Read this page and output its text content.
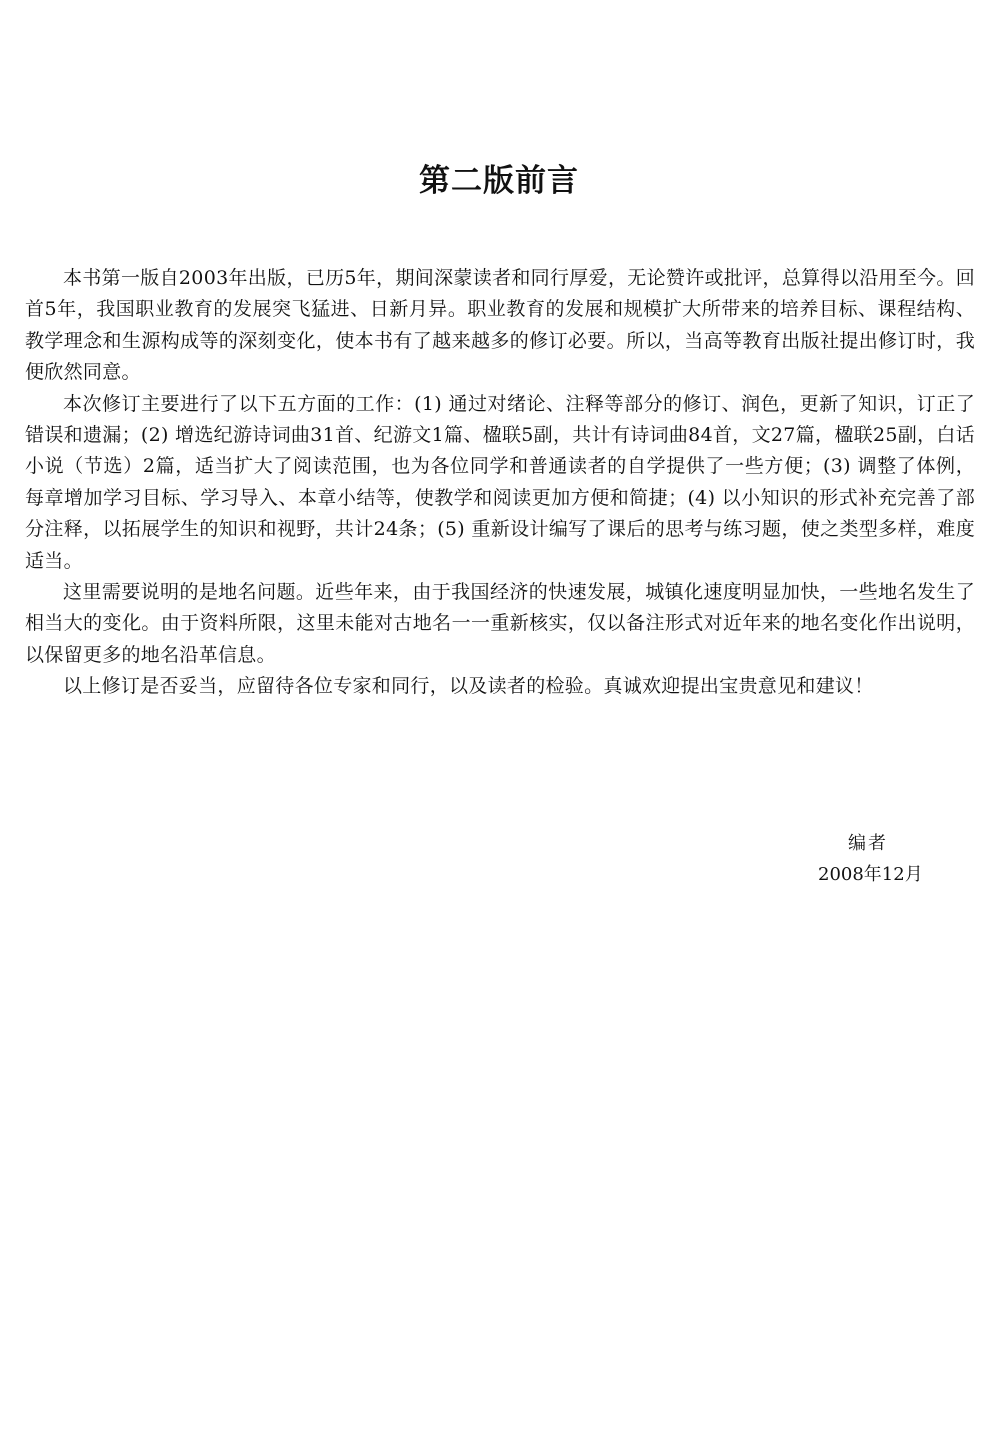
第二版前言

本书第一版自2003年出版，已历5年，期间深蒙读者和同行厚爱，无论赞许或批评，总算得以沿用至今。回首5年，我国职业教育的发展突飞猛进、日新月异。职业教育的发展和规模扩大所带来的培养目标、课程结构、教学理念和生源构成等的深刻变化，使本书有了越来越多的修订必要。所以，当高等教育出版社提出修订时，我便欣然同意。

本次修订主要进行了以下五方面的工作：(1) 通过对绪论、注释等部分的修订、润色，更新了知识，订正了错误和遗漏；(2) 增选纪游诗词曲31首、纪游文1篇、楹联5副，共计有诗词曲84首，文27篇，楹联25副，白话小说（节选）2篇，适当扩大了阅读范围，也为各位同学和普通读者的自学提供了一些方便；(3) 调整了体例，每章增加学习目标、学习导入、本章小结等，使教学和阅读更加方便和简捷；(4) 以小知识的形式补充完善了部分注释，以拓展学生的知识和视野，共计24条；(5) 重新设计编写了课后的思考与练习题，使之类型多样，难度适当。

这里需要说明的是地名问题。近些年来，由于我国经济的快速发展，城镇化速度明显加快，一些地名发生了相当大的变化。由于资料所限，这里未能对古地名一一重新核实，仅以备注形式对近年来的地名变化作出说明，以保留更多的地名沿革信息。

以上修订是否妥当，应留待各位专家和同行，以及读者的检验。真诚欢迎提出宝贵意见和建议！

编者
2008年12月
